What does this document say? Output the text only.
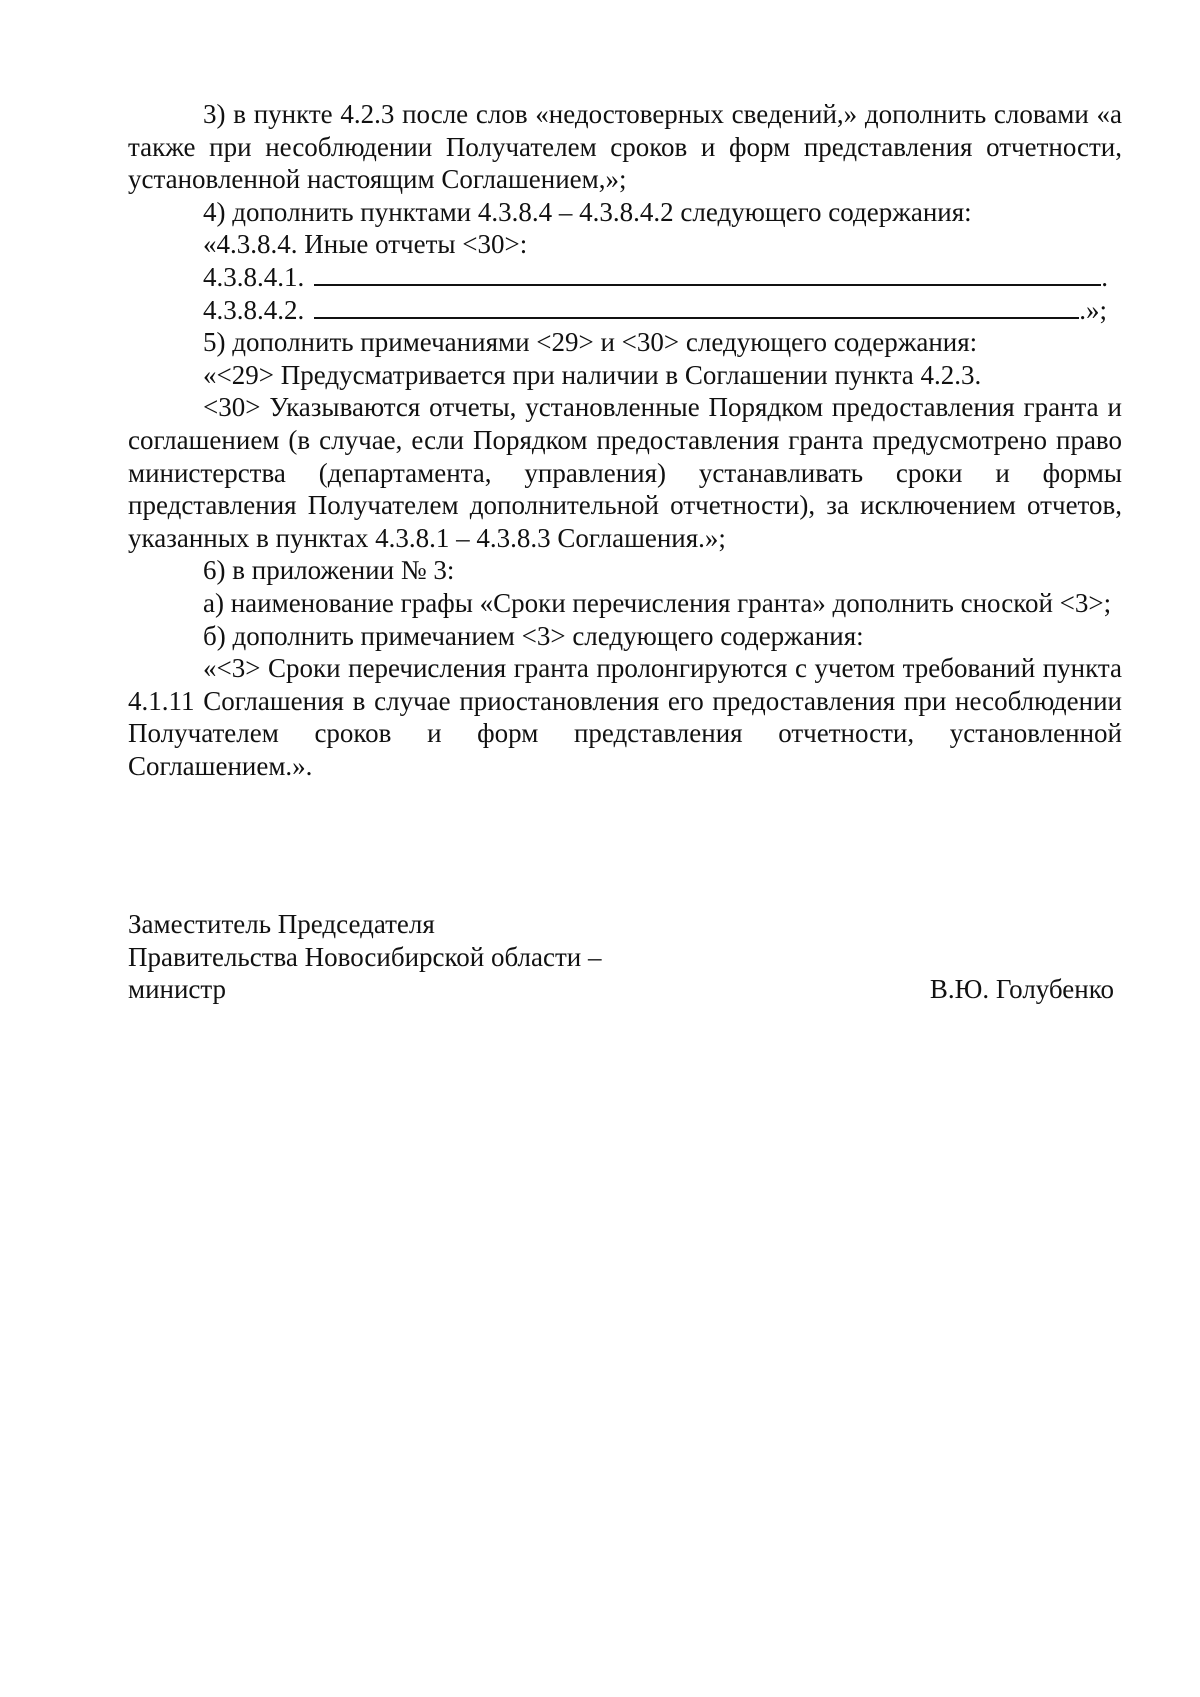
3) в пункте 4.2.3 после слов «недостоверных сведений,» дополнить словами «а также при несоблюдении Получателем сроков и форм представления отчетности, установленной настоящим Соглашением,»;

4) дополнить пунктами 4.3.8.4 – 4.3.8.4.2 следующего содержания:

«4.3.8.4. Иные отчеты <30>:

4.3.8.4.1.	.
4.3.8.4.2.	.»;

5) дополнить примечаниями <29> и <30> следующего содержания:

«<29> Предусматривается при наличии в Соглашении пункта 4.2.3.

<30> Указываются отчеты, установленные Порядком предоставления гранта и соглашением (в случае, если Порядком предоставления гранта предусмотрено право министерства (департамента, управления) устанавливать сроки и формы представления Получателем дополнительной отчетности), за исключением отчетов, указанных в пунктах 4.3.8.1 – 4.3.8.3 Соглашения.»;

6) в приложении № 3:

а) наименование графы «Сроки перечисления гранта» дополнить сноской <3>;

б) дополнить примечанием <3> следующего содержания:

«<3> Сроки перечисления гранта пролонгируются с учетом требований пункта 4.1.11 Соглашения в случае приостановления его предоставления при несоблюдении Получателем сроков и форм представления отчетности, установленной Соглашением.».

Заместитель Председателя
Правительства Новосибирской области –
министр	В.Ю. Голубенко
